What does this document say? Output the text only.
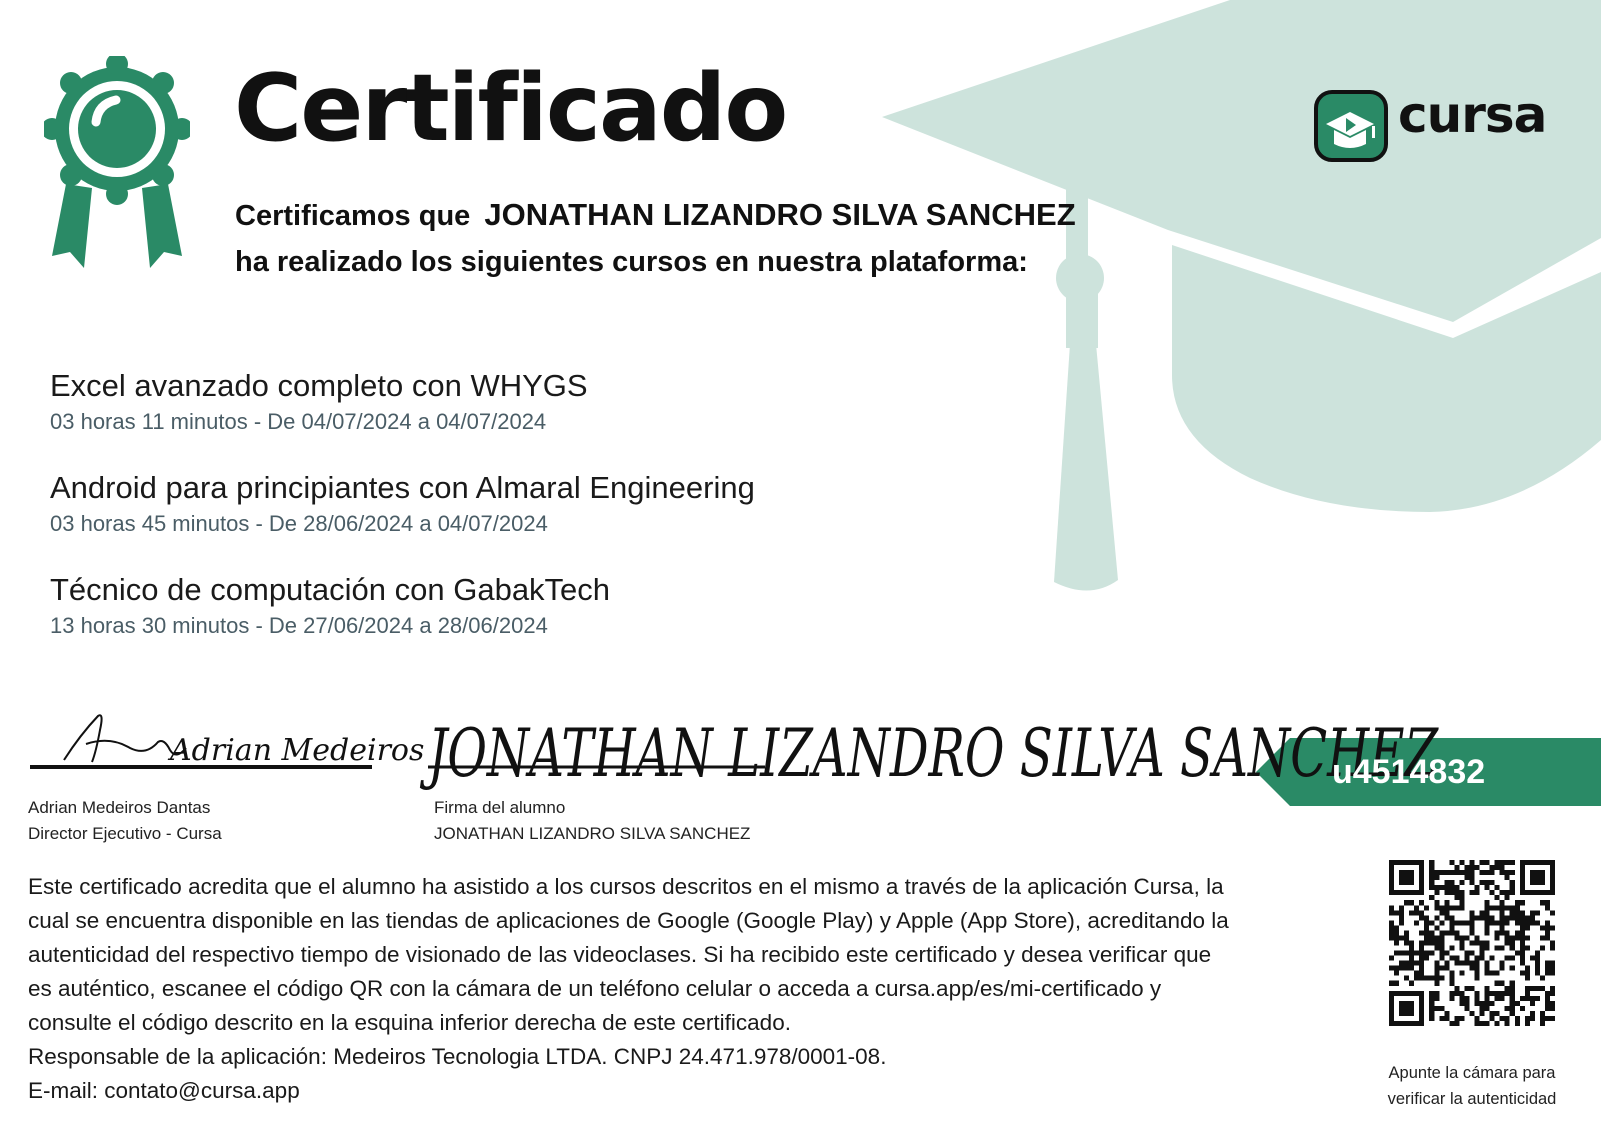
Certificado	cursa
Certificamos que JONATHAN LIZANDRO SILVA SANCHEZ
ha realizado los siguientes cursos en nuestra plataforma:
Excel avanzado completo con WHYGS
03 horas 11 minutos - De 04/07/2024 a 04/07/2024
Android para principiantes con Almaral Engineering
03 horas 45 minutos - De 28/06/2024 a 04/07/2024
Técnico de computación con GabakTech
13 horas 30 minutos - De 27/06/2024 a 28/06/2024
Adrian Medeiros
JONATHAN LIZANDRO SILVA SANCHEZ
u4514832
Adrian Medeiros Dantas
Director Ejecutivo - Cursa
Firma del alumno
JONATHAN LIZANDRO SILVA SANCHEZ
Este certificado acredita que el alumno ha asistido a los cursos descritos en el mismo a través de la aplicación Cursa, la
cual se encuentra disponible en las tiendas de aplicaciones de Google (Google Play) y Apple (App Store), acreditando la
autenticidad del respectivo tiempo de visionado de las videoclases. Si ha recibido este certificado y desea verificar que
es auténtico, escanee el código QR con la cámara de un teléfono celular o acceda a cursa.app/es/mi-certificado y
consulte el código descrito en la esquina inferior derecha de este certificado.
Responsable de la aplicación: Medeiros Tecnologia LTDA. CNPJ 24.471.978/0001-08.
E-mail: contato@cursa.app
Apunte la cámara para
verificar la autenticidad
